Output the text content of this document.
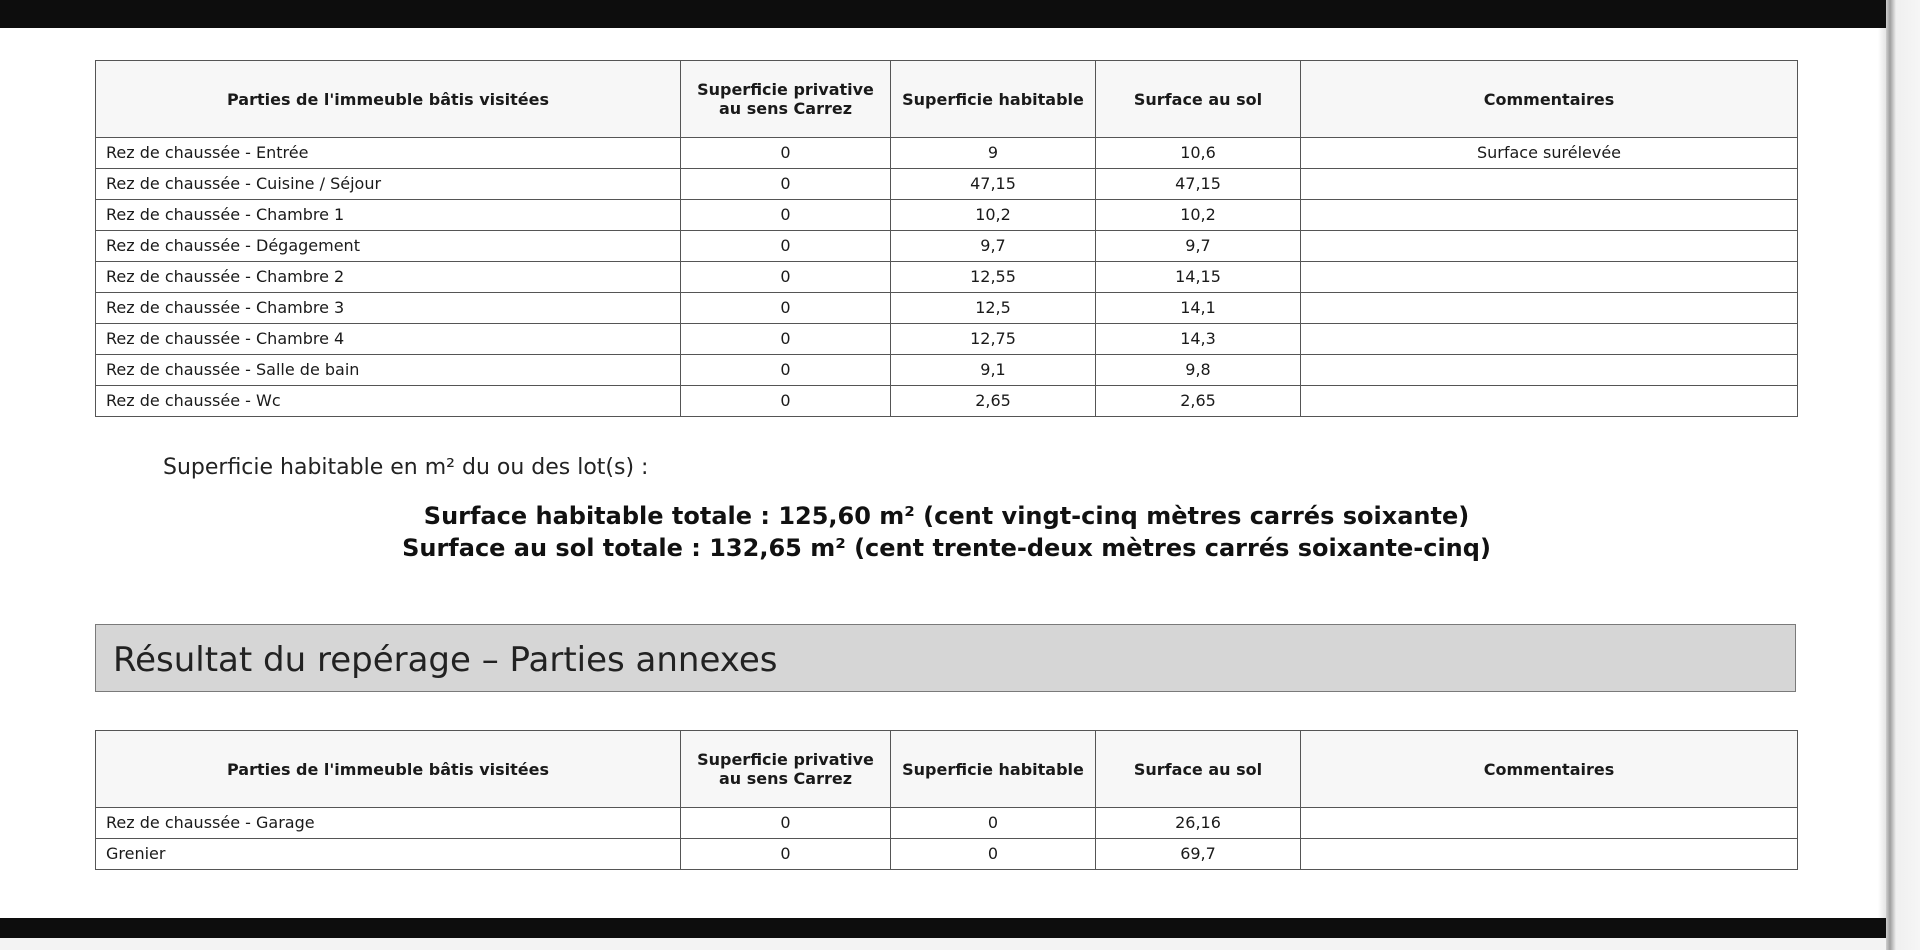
Parties de l'immeuble bâtis visitées	Superficie privative au sens Carrez	Superficie habitable	Surface au sol	Commentaires
Rez de chaussée - Entrée	0	9	10,6	Surface surélevée
Rez de chaussée - Cuisine / Séjour	0	47,15	47,15	
Rez de chaussée - Chambre 1	0	10,2	10,2	
Rez de chaussée - Dégagement	0	9,7	9,7	
Rez de chaussée - Chambre 2	0	12,55	14,15	
Rez de chaussée - Chambre 3	0	12,5	14,1	
Rez de chaussée - Chambre 4	0	12,75	14,3	
Rez de chaussée - Salle de bain	0	9,1	9,8	
Rez de chaussée - Wc	0	2,65	2,65	
Superficie habitable en m² du ou des lot(s) :
Surface habitable totale : 125,60 m² (cent vingt-cinq mètres carrés soixante)
Surface au sol totale : 132,65 m² (cent trente-deux mètres carrés soixante-cinq)
Résultat du repérage – Parties annexes
Parties de l'immeuble bâtis visitées	Superficie privative au sens Carrez	Superficie habitable	Surface au sol	Commentaires
Rez de chaussée - Garage	0	0	26,16	
Grenier	0	0	69,7	
